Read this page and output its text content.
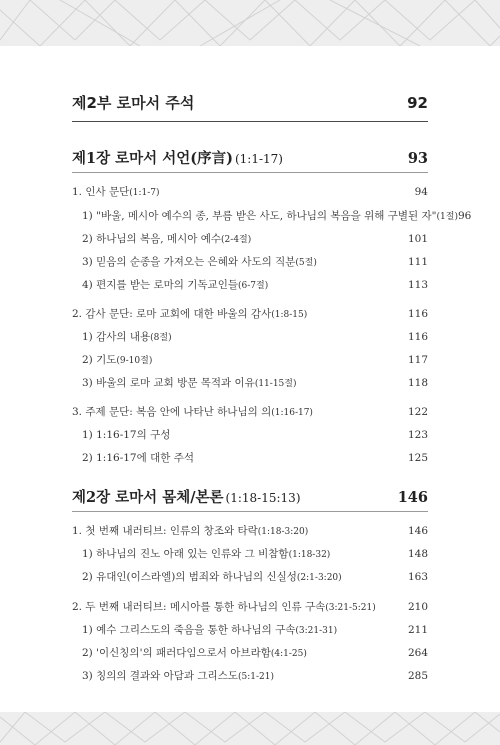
제2부 로마서 주석	92
제1장 로마서 서언(序言) (1:1-17)	93
1. 인사 문단(1:1-7)	94
1) "바울, 메시아 예수의 종, 부름 받은 사도, 하나님의 복음을 위해 구별된 자"(1절) 96
2) 하나님의 복음, 메시아 예수(2-4절)	101
3) 믿음의 순종을 가져오는 은혜와 사도의 직분(5절)	111
4) 편지를 받는 로마의 기독교인들(6-7절)	113
2. 감사 문단: 로마 교회에 대한 바울의 감사(1:8-15)	116
1) 감사의 내용(8절)	116
2) 기도(9-10절)	117
3) 바울의 로마 교회 방문 목적과 이유(11-15절)	118
3. 주제 문단: 복음 안에 나타난 하나님의 의(1:16-17)	122
1) 1:16-17의 구성	123
2) 1:16-17에 대한 주석	125
제2장 로마서 몸체/본론 (1:18-15:13)	146
1. 첫 번째 내러티브: 인류의 창조와 타락(1:18-3:20)	146
1) 하나님의 진노 아래 있는 인류와 그 비참함(1:18-32)	148
2) 유대인(이스라엘)의 범죄와 하나님의 신실성(2:1-3:20)	163
2. 두 번째 내러티브: 메시아를 통한 하나님의 인류 구속(3:21-5:21)	210
1) 예수 그리스도의 죽음을 통한 하나님의 구속(3:21-31)	211
2) '이신칭의'의 패러다임으로서 아브라함(4:1-25)	264
3) 칭의의 결과와 아담과 그리스도(5:1-21)	285
